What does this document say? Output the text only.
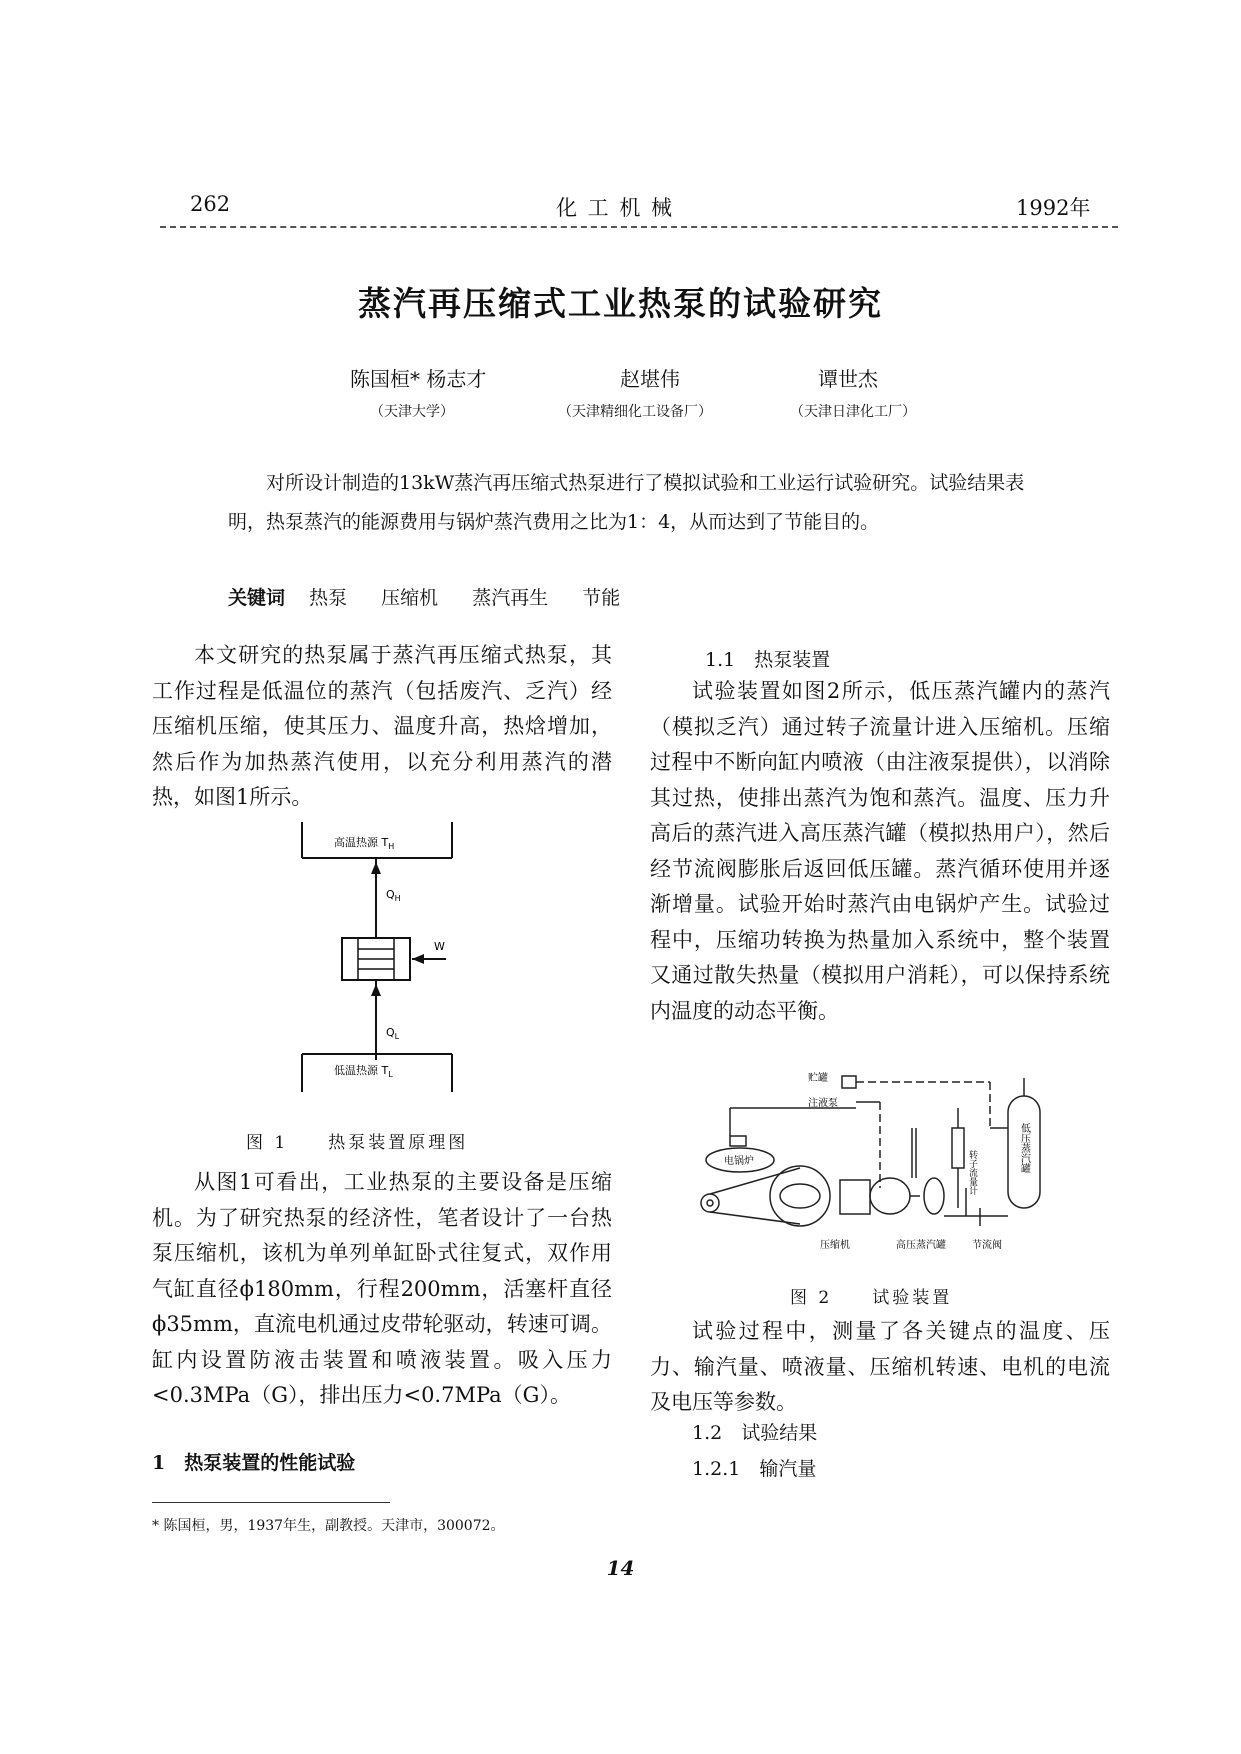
262	化 工 机 械	1992年
蒸汽再压缩式工业热泵的试验研究
陈国桓* 杨志才	赵堪伟	谭世杰
（天津大学）	（天津精细化工设备厂）	（天津日津化工厂）

对所设计制造的13kW蒸汽再压缩式热泵进行了模拟试验和工业运行试验研究。试验结果表明，热泵蒸汽的能源费用与锅炉蒸汽费用之比为1：4，从而达到了节能目的。

关键词 热泵 压缩机 蒸汽再生 节能

本文研究的热泵属于蒸汽再压缩式热泵，其工作过程是低温位的蒸汽（包括废汽、乏汽）经压缩机压缩，使其压力、温度升高，热焓增加，然后作为加热蒸汽使用，以充分利用蒸汽的潜热，如图1所示。

高温热源 $T_H$
$Q_H$
W
$Q_L$
低温热源 $T_L$
图 1　　热泵装置原理图

从图1可看出，工业热泵的主要设备是压缩机。为了研究热泵的经济性，笔者设计了一台热泵压缩机，该机为单列单缸卧式往复式，双作用气缸直径ϕ180mm，行程200mm，活塞杆直径ϕ35mm，直流电机通过皮带轮驱动，转速可调。缸内设置防液击装置和喷液装置。吸入压力<0.3MPa（G），排出压力<0.7MPa（G）。

1　热泵装置的性能试验
1.1　热泵装置

试验装置如图2所示，低压蒸汽罐内的蒸汽（模拟乏汽）通过转子流量计进入压缩机。压缩过程中不断向缸内喷液（由注液泵提供），以消除其过热，使排出蒸汽为饱和蒸汽。温度、压力升高后的蒸汽进入高压蒸汽罐（模拟热用户），然后经节流阀膨胀后返回低压罐。蒸汽循环使用并逐渐增量。试验开始时蒸汽由电锅炉产生。试验过程中，压缩功转换为热量加入系统中，整个装置又通过散失热量（模拟用户消耗），可以保持系统内温度的动态平衡。

贮罐
注液泵
电锅炉	转子流量计	低压蒸汽罐
压缩机	高压蒸汽罐	节流阀
图 2　　试验装置

试验过程中，测量了各关键点的温度、压力、输汽量、喷液量、压缩机转速、电机的电流及电压等参数。

1.2　试验结果
1.2.1　输汽量
* 陈国桓，男，1937年生，副教授。天津市，300072。
14
